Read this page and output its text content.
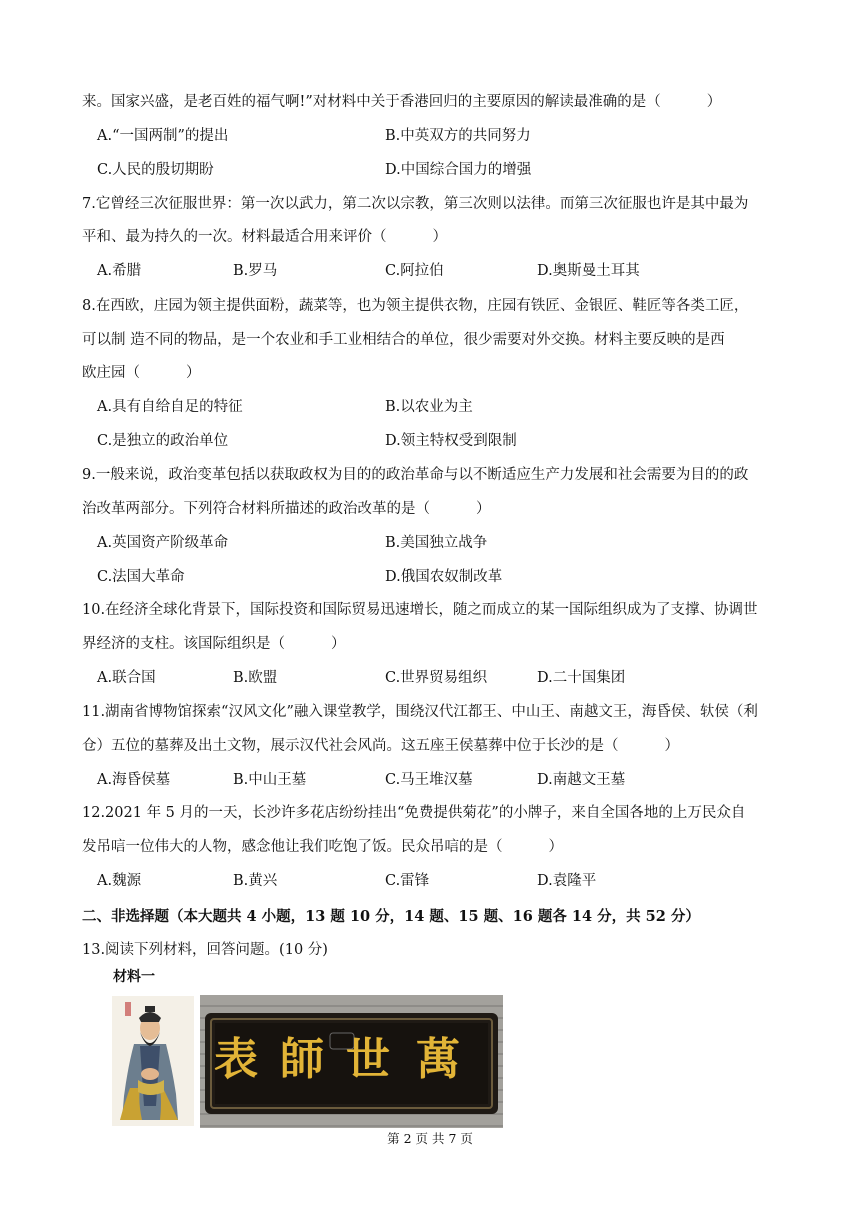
来。国家兴盛，是老百姓的福气啊!”对材料中关于香港回归的主要原因的解读最准确的是（	）
7.它曾经三次征服世界：第一次以武力，第二次以宗教，第三次则以法律。而第三次征服也许是其中最为
平和、最为持久的一次。材料最适合用来评价（	）
8.在西欧，庄园为领主提供面粉，蔬菜等，也为领主提供衣物，庄园有铁匠、金银匠、鞋匠等各类工匠，
可以制 造不同的物品，是一个农业和手工业相结合的单位，很少需要对外交换。材料主要反映的是西
欧庄园（	）
9.一般来说，政治变革包括以获取政权为目的的政治革命与以不断适应生产力发展和社会需要为目的的政
治改革两部分。下列符合材料所描述的政治改革的是（	）
10.在经济全球化背景下，国际投资和国际贸易迅速增长，随之而成立的某一国际组织成为了支撑、协调世
界经济的支柱。该国际组织是（	）
11.湖南省博物馆探索“汉风文化”融入课堂教学，围绕汉代江都王、中山王、南越文王，海昏侯、轪侯（利
仓）五位的墓葬及出土文物，展示汉代社会风尚。这五座王侯墓葬中位于长沙的是（	）
12.2021 年 5 月的一天，长沙许多花店纷纷挂出“免费提供菊花”的小牌子，来自全国各地的上万民众自
发吊唁一位伟大的人物，感念他让我们吃饱了饭。民众吊唁的是（	）
二、非选择题（本大题共 4 小题，13 题 10 分，14 题、15 题、16 题各 14 分，共 52 分）
13.阅读下列材料，回答问题。(10 分)
A.“一国两制”的提出	B.中英双方的共同努力
C.人民的殷切期盼	D.中国综合国力的增强
A.希腊	B.罗马	C.阿拉伯	D.奥斯曼土耳其
A.具有自给自足的特征	B.以农业为主
C.是独立的政治单位	D.领主特权受到限制
A.英国资产阶级革命	B.美国独立战争
C.法国大革命	D.俄国农奴制改革
A.联合国	B.欧盟	C.世界贸易组织	D.二十国集团
A.海昏侯墓	B.中山王墓	C.马王堆汉墓	D.南越文王墓
A.魏源	B.黄兴	C.雷锋	D.袁隆平
材料一
萬
世
師
表
第 2 页 共 7 页
